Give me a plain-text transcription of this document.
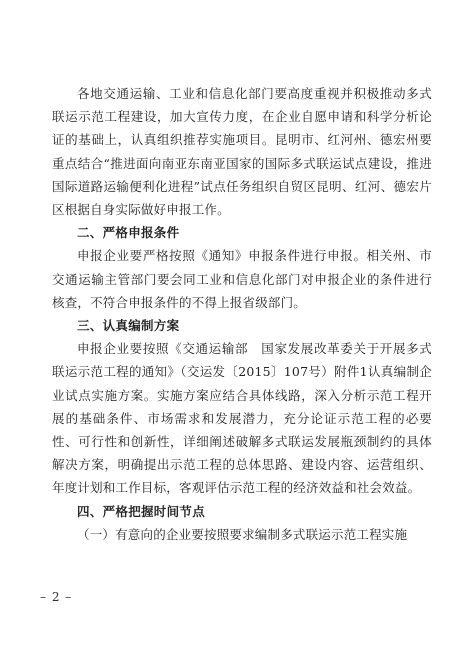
各地交通运输、工业和信息化部门要高度重视并积极推动多式联运示范工程建设，加大宣传力度，在企业自愿申请和科学分析论证的基础上，认真组织推荐实施项目。昆明市、红河州、德宏州要重点结合“推进面向南亚东南亚国家的国际多式联运试点建设，推进国际道路运输便利化进程”试点任务组织自贸区昆明、红河、德宏片区根据自身实际做好申报工作。

二、严格申报条件

申报企业要严格按照《通知》申报条件进行申报。相关州、市交通运输主管部门要会同工业和信息化部门对申报企业的条件进行核查，不符合申报条件的不得上报省级部门。

三、认真编制方案

申报企业要按照《交通运输部　国家发展改革委关于开展多式联运示范工程的通知》（交运发〔2015〕107号）附件1认真编制企业试点实施方案。实施方案应结合具体线路，深入分析示范工程开展的基础条件、市场需求和发展潜力，充分论证示范工程的必要性、可行性和创新性，详细阐述破解多式联运发展瓶颈制约的具体解决方案，明确提出示范工程的总体思路、建设内容、运营组织、年度计划和工作目标，客观评估示范工程的经济效益和社会效益。

四、严格把握时间节点

（一）有意向的企业要按照要求编制多式联运示范工程实施

– 2 –
